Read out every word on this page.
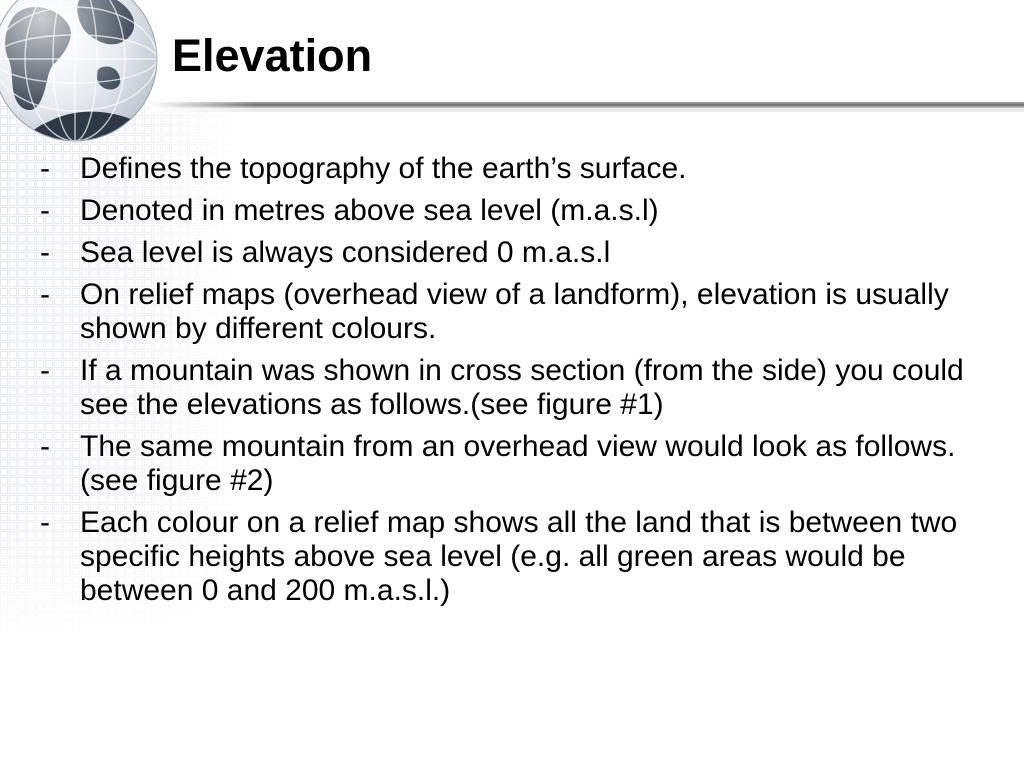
Elevation
-	Defines the topography of the earth’s surface.
-	Denoted in metres above sea level (m.a.s.l)
-	Sea level is always considered 0 m.a.s.l
-	On relief maps (overhead view of a landform), elevation is usually shown by different colours.
-	If a mountain was shown in cross section (from the side) you could see the elevations as follows.(see figure #1)
-	The same mountain from an overhead view would look as follows.(see figure #2)
-	Each colour on a relief map shows all the land that is between two specific heights above sea level (e.g. all green areas would be between 0 and 200 m.a.s.l.)
